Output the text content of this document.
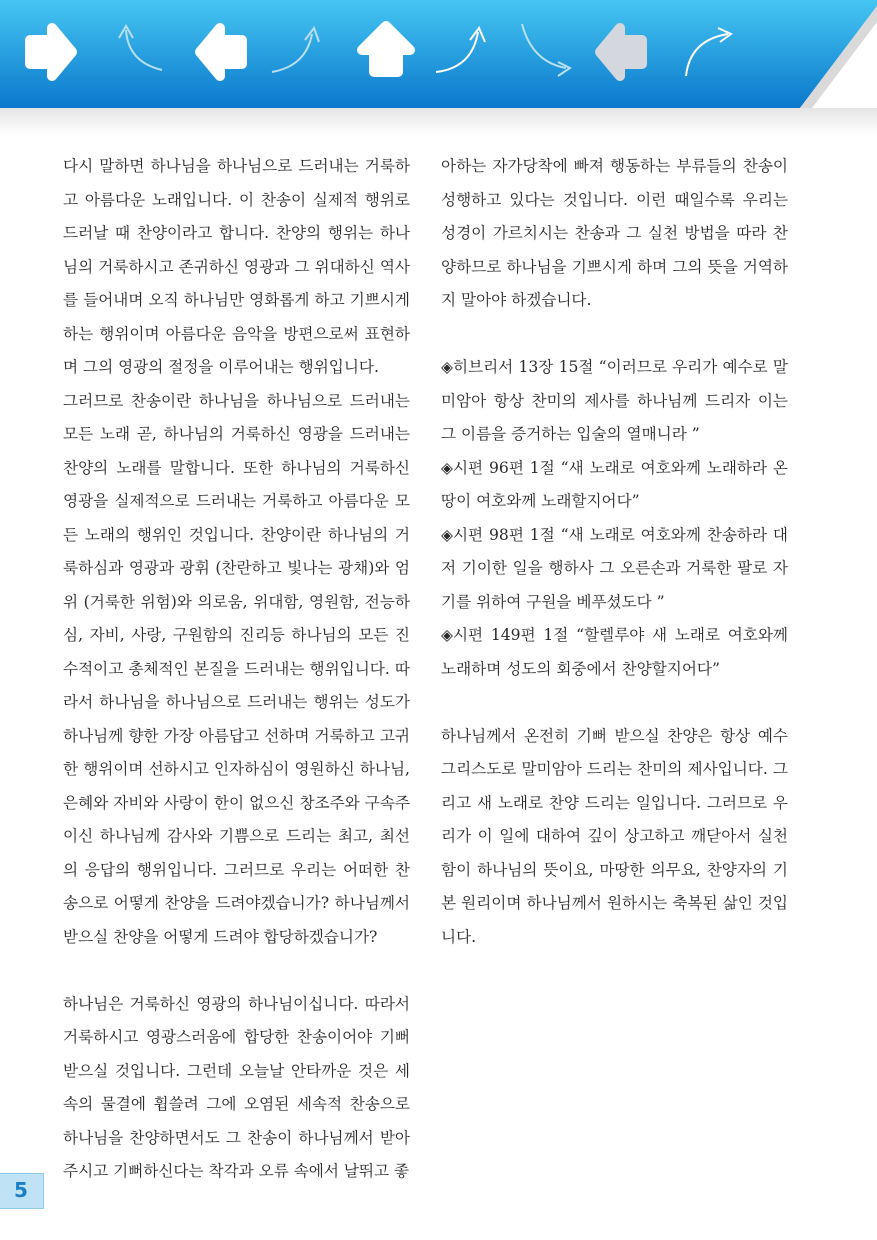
다시 말하면 하나님을 하나님으로 드러내는 거룩하고 아름다운 노래입니다. 이 찬송이 실제적 행위로 드러날 때 찬양이라고 합니다. 찬양의 행위는 하나님의 거룩하시고 존귀하신 영광과 그 위대하신 역사를 들어내며 오직 하나님만 영화롭게 하고 기쁘시게 하는 행위이며 아름다운 음악을 방편으로써 표현하며 그의 영광의 절정을 이루어내는 행위입니다.

그러므로 찬송이란 하나님을 하나님으로 드러내는 모든 노래 곧, 하나님의 거룩하신 영광을 드러내는 찬양의 노래를 말합니다. 또한 하나님의 거룩하신 영광을 실제적으로 드러내는 거룩하고 아름다운 모든 노래의 행위인 것입니다. 찬양이란 하나님의 거룩하심과 영광과 광휘 (찬란하고 빛나는 광채)와 엄위 (거룩한 위험)와 의로움, 위대함, 영원함, 전능하심, 자비, 사랑, 구원함의 진리등 하나님의 모든 진수적이고 총체적인 본질을 드러내는 행위입니다. 따라서 하나님을 하나님으로 드러내는 행위는 성도가 하나님께 향한 가장 아름답고 선하며 거룩하고 고귀한 행위이며 선하시고 인자하심이 영원하신 하나님, 은혜와 자비와 사랑이 한이 없으신 창조주와 구속주이신 하나님께 감사와 기쁨으로 드리는 최고, 최선의 응답의 행위입니다. 그러므로 우리는 어떠한 찬송으로 어떻게 찬양을 드려야겠습니가? 하나님께서 받으실 찬양을 어떻게 드려야 합당하겠습니가?

하나님은 거룩하신 영광의 하나님이십니다. 따라서 거룩하시고 영광스러움에 합당한 찬송이어야 기뻐 받으실 것입니다. 그런데 오늘날 안타까운 것은 세속의 물결에 휩쓸려 그에 오염된 세속적 찬송으로 하나님을 찬양하면서도 그 찬송이 하나님께서 받아주시고 기뻐하신다는 착각과 오류 속에서 날뛰고 좋

아하는 자가당착에 빠져 행동하는 부류들의 찬송이 성행하고 있다는 것입니다. 이런 때일수록 우리는 성경이 가르치시는 찬송과 그 실천 방법을 따라 찬양하므로 하나님을 기쁘시게 하며 그의 뜻을 거역하지 말아야 하겠습니다.

◈히브리서 13장 15절 “이러므로 우리가 예수로 말미암아 항상 찬미의 제사를 하나님께 드리자 이는 그 이름을 증거하는 입술의 열매니라 ”

◈시편 96편 1절 “새 노래로 여호와께 노래하라 온 땅이 여호와께 노래할지어다”

◈시편 98편 1절 “새 노래로 여호와께 찬송하라 대저 기이한 일을 행하사 그 오른손과 거룩한 팔로 자기를 위하여 구원을 베푸셨도다 ”

◈시편 149편 1절 “할렐루야 새 노래로 여호와께 노래하며 성도의 회중에서 찬양할지어다”

하나님께서 온전히 기뻐 받으실 찬양은 항상 예수 그리스도로 말미암아 드리는 찬미의 제사입니다. 그리고 새 노래로 찬양 드리는 일입니다. 그러므로 우리가 이 일에 대하여 깊이 상고하고 깨닫아서 실천함이 하나님의 뜻이요, 마땅한 의무요, 찬양자의 기본 원리이며 하나님께서 원하시는 축복된 삶인 것입니다.

5
